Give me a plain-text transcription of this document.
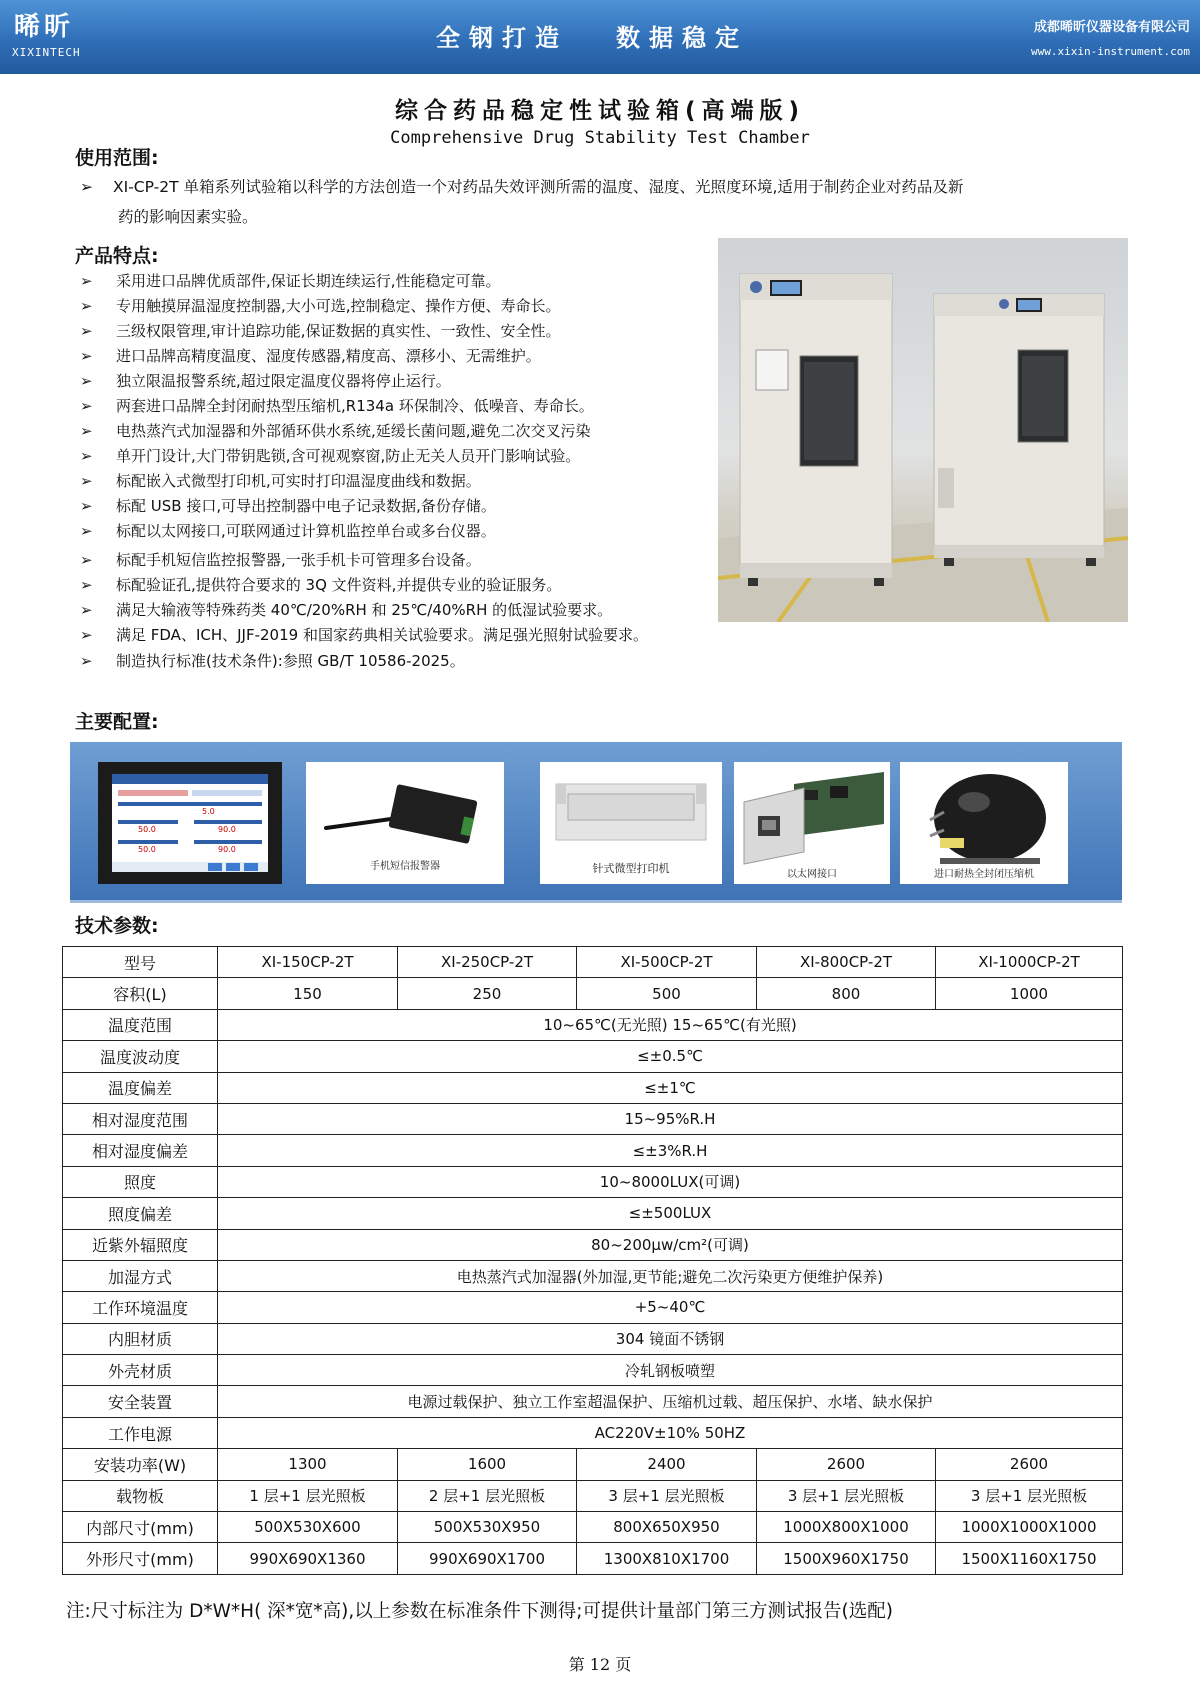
晞昕
XIXINTECH
全钢打造 数据稳定	成都晞昕仪器设备有限公司
www.xixin-instrument.com
综合药品稳定性试验箱(高端版)
Comprehensive Drug Stability Test Chamber
使用范围:
➢ XI-CP-2T 单箱系列试验箱以科学的方法创造一个对药品失效评测所需的温度、湿度、光照度环境,适用于制药企业对药品及新
药的影响因素实验。
产品特点:
➢ 采用进口品牌优质部件,保证长期连续运行,性能稳定可靠。
➢ 专用触摸屏温湿度控制器,大小可选,控制稳定、操作方便、寿命长。
➢ 三级权限管理,审计追踪功能,保证数据的真实性、一致性、安全性。
➢ 进口品牌高精度温度、湿度传感器,精度高、漂移小、无需维护。
➢ 独立限温报警系统,超过限定温度仪器将停止运行。
➢ 两套进口品牌全封闭耐热型压缩机,R134a 环保制冷、低噪音、寿命长。
➢ 电热蒸汽式加湿器和外部循环供水系统,延缓长菌问题,避免二次交叉污染
➢ 单开门设计,大门带钥匙锁,含可视观察窗,防止无关人员开门影响试验。
➢ 标配嵌入式微型打印机,可实时打印温湿度曲线和数据。
➢ 标配 USB 接口,可导出控制器中电子记录数据,备份存储。
➢ 标配以太网接口,可联网通过计算机监控单台或多台仪器。
➢ 标配手机短信监控报警器,一张手机卡可管理多台设备。
➢ 标配验证孔,提供符合要求的 3Q 文件资料,并提供专业的验证服务。
➢ 满足大输液等特殊药类 40℃/20%RH 和 25℃/40%RH 的低湿试验要求。
➢ 满足 FDA、ICH、JJF-2019 和国家药典相关试验要求。满足强光照射试验要求。
➢ 制造执行标准(技术条件):参照 GB/T 10586-2025。
主要配置:
5.0
50.0	90.0
50.0	90.0
手机短信报警器	针式微型打印机	以太网接口	进口耐热全封闭压缩机
技术参数:
型号	XI-150CP-2T	XI-250CP-2T	XI-500CP-2T	XI-800CP-2T	XI-1000CP-2T
容积(L)	150	250	500	800	1000
温度范围	10~65℃(无光照) 15~65℃(有光照)				
温度波动度	≤±0.5℃				
温度偏差	≤±1℃				
相对湿度范围	15~95%R.H				
相对湿度偏差	≤±3%R.H				
照度	10~8000LUX(可调)				
照度偏差	≤±500LUX				
近紫外辐照度	80~200μw/cm²(可调)				
加湿方式	电热蒸汽式加湿器(外加湿,更节能;避免二次污染更方便维护保养)				
工作环境温度	+5~40℃				
内胆材质	304 镜面不锈钢				
外壳材质	冷轧钢板喷塑				
安全装置	电源过载保护、独立工作室超温保护、压缩机过载、超压保护、水堵、缺水保护				
工作电源	AC220V±10% 50HZ				
安装功率(W)	1300	1600	2400	2600	2600
载物板	1 层+1 层光照板	2 层+1 层光照板	3 层+1 层光照板	3 层+1 层光照板	3 层+1 层光照板
内部尺寸(mm)	500X530X600	500X530X950	800X650X950	1000X800X1000	1000X1000X1000
外形尺寸(mm)	990X690X1360	990X690X1700	1300X810X1700	1500X960X1750	1500X1160X1750
注:尺寸标注为 D*W*H( 深*宽*高),以上参数在标准条件下测得;可提供计量部门第三方测试报告(选配)
第 12 页
